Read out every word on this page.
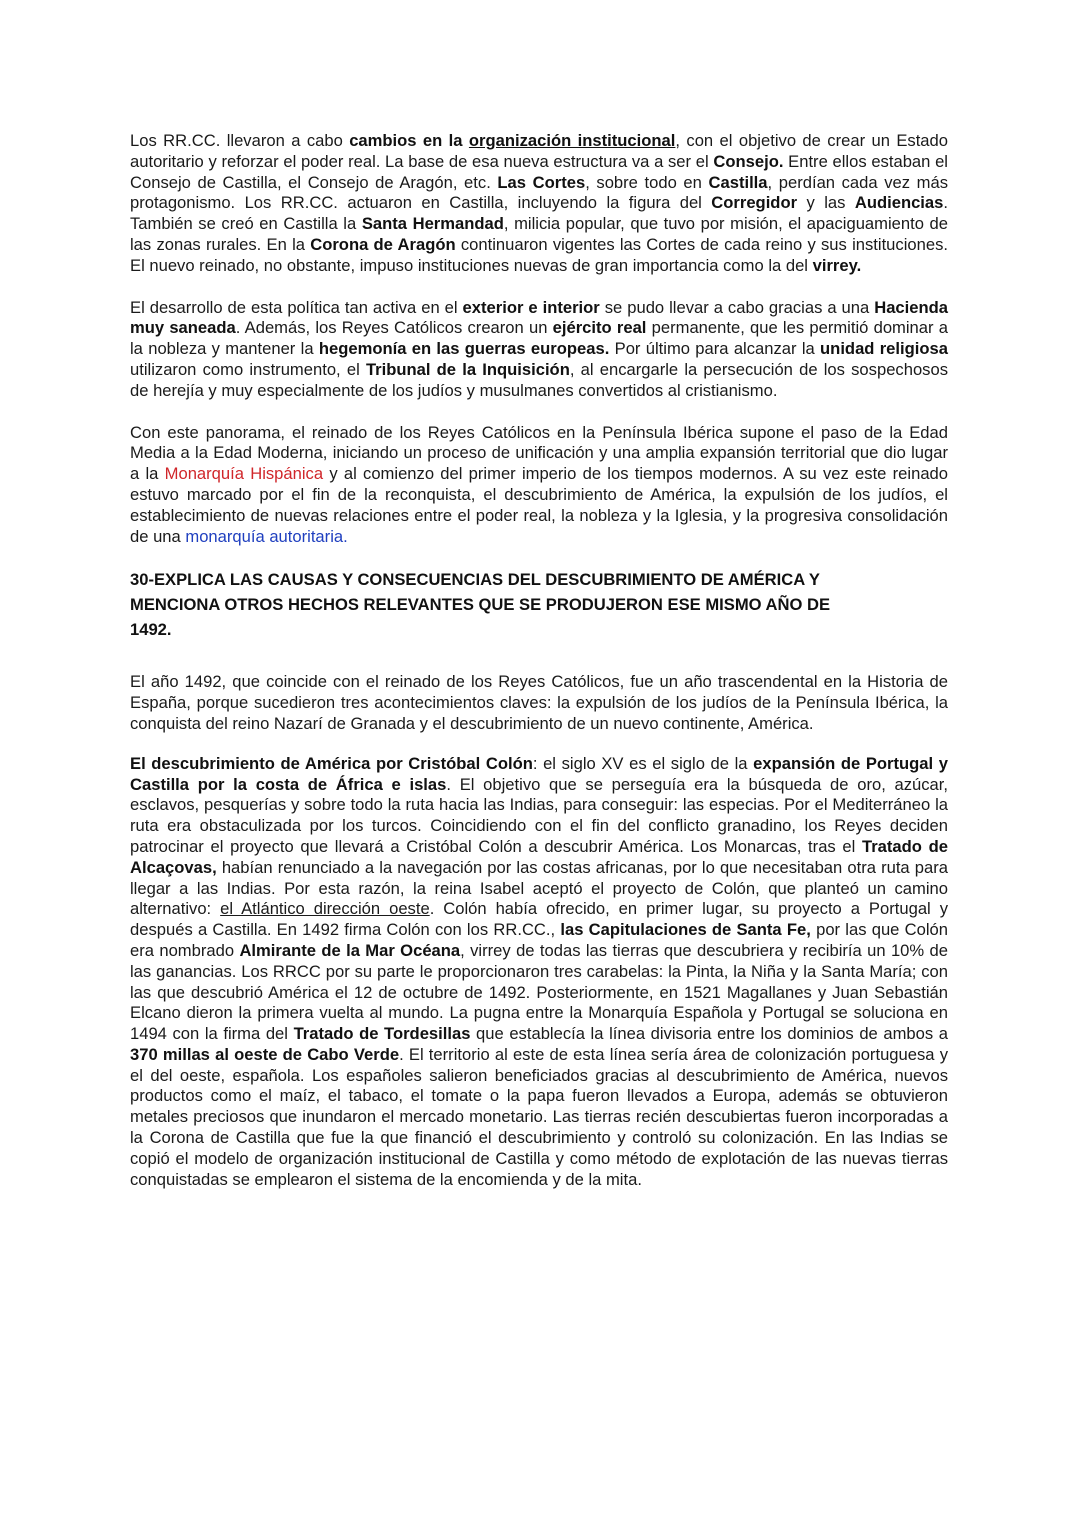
Los RR.CC. llevaron a cabo cambios en la organización institucional, con el objetivo de crear un Estado autoritario y reforzar el poder real. La base de esa nueva estructura va a ser el Consejo. Entre ellos estaban el Consejo de Castilla, el Consejo de Aragón, etc. Las Cortes, sobre todo en Castilla, perdían cada vez más protagonismo. Los RR.CC. actuaron en Castilla, incluyendo la figura del Corregidor y las Audiencias. También se creó en Castilla la Santa Hermandad, milicia popular, que tuvo por misión, el apaciguamiento de las zonas rurales. En la Corona de Aragón continuaron vigentes las Cortes de cada reino y sus instituciones. El nuevo reinado, no obstante, impuso instituciones nuevas de gran importancia como la del virrey.

El desarrollo de esta política tan activa en el exterior e interior se pudo llevar a cabo gracias a una Hacienda muy saneada. Además, los Reyes Católicos crearon un ejército real permanente, que les permitió dominar a la nobleza y mantener la hegemonía en las guerras europeas. Por último para alcanzar la unidad religiosa utilizaron como instrumento, el Tribunal de la Inquisición, al encargarle la persecución de los sospechosos de herejía y muy especialmente de los judíos y musulmanes convertidos al cristianismo.

Con este panorama, el reinado de los Reyes Católicos en la Península Ibérica supone el paso de la Edad Media a la Edad Moderna, iniciando un proceso de unificación y una amplia expansión territorial que dio lugar a la Monarquía Hispánica y al comienzo del primer imperio de los tiempos modernos. A su vez este reinado estuvo marcado por el fin de la reconquista, el descubrimiento de América, la expulsión de los judíos, el establecimiento de nuevas relaciones entre el poder real, la nobleza y la Iglesia, y la progresiva consolidación de una monarquía autoritaria.

30-EXPLICA LAS CAUSAS Y CONSECUENCIAS DEL DESCUBRIMIENTO DE AMÉRICA Y
MENCIONA OTROS HECHOS RELEVANTES QUE SE PRODUJERON ESE MISMO AÑO DE
1492.

El año 1492, que coincide con el reinado de los Reyes Católicos, fue un año trascendental en la Historia de España, porque sucedieron tres acontecimientos claves: la expulsión de los judíos de la Península Ibérica, la conquista del reino Nazarí de Granada y el descubrimiento de un nuevo continente, América.

El descubrimiento de América por Cristóbal Colón: el siglo XV es el siglo de la expansión de Portugal y Castilla por la costa de África e islas. El objetivo que se perseguía era la búsqueda de oro, azúcar, esclavos, pesquerías y sobre todo la ruta hacia las Indias, para conseguir: las especias. Por el Mediterráneo la ruta era obstaculizada por los turcos. Coincidiendo con el fin del conflicto granadino, los Reyes deciden patrocinar el proyecto que llevará a Cristóbal Colón a descubrir América. Los Monarcas, tras el Tratado de Alcaçovas, habían renunciado a la navegación por las costas africanas, por lo que necesitaban otra ruta para llegar a las Indias. Por esta razón, la reina Isabel aceptó el proyecto de Colón, que planteó un camino alternativo: el Atlántico dirección oeste. Colón había ofrecido, en primer lugar, su proyecto a Portugal y después a Castilla. En 1492 firma Colón con los RR.CC., las Capitulaciones de Santa Fe, por las que Colón era nombrado Almirante de la Mar Océana, virrey de todas las tierras que descubriera y recibiría un 10% de las ganancias. Los RRCC por su parte le proporcionaron tres carabelas: la Pinta, la Niña y la Santa María; con las que descubrió América el 12 de octubre de 1492. Posteriormente, en 1521 Magallanes y Juan Sebastián Elcano dieron la primera vuelta al mundo. La pugna entre la Monarquía Española y Portugal se soluciona en 1494 con la firma del Tratado de Tordesillas que establecía la línea divisoria entre los dominios de ambos a 370 millas al oeste de Cabo Verde. El territorio al este de esta línea sería área de colonización portuguesa y el del oeste, española. Los españoles salieron beneficiados gracias al descubrimiento de América, nuevos productos como el maíz, el tabaco, el tomate o la papa fueron llevados a Europa, además se obtuvieron metales preciosos que inundaron el mercado monetario. Las tierras recién descubiertas fueron incorporadas a la Corona de Castilla que fue la que financió el descubrimiento y controló su colonización. En las Indias se copió el modelo de organización institucional de Castilla y como método de explotación de las nuevas tierras conquistadas se emplearon el sistema de la encomienda y de la mita.
